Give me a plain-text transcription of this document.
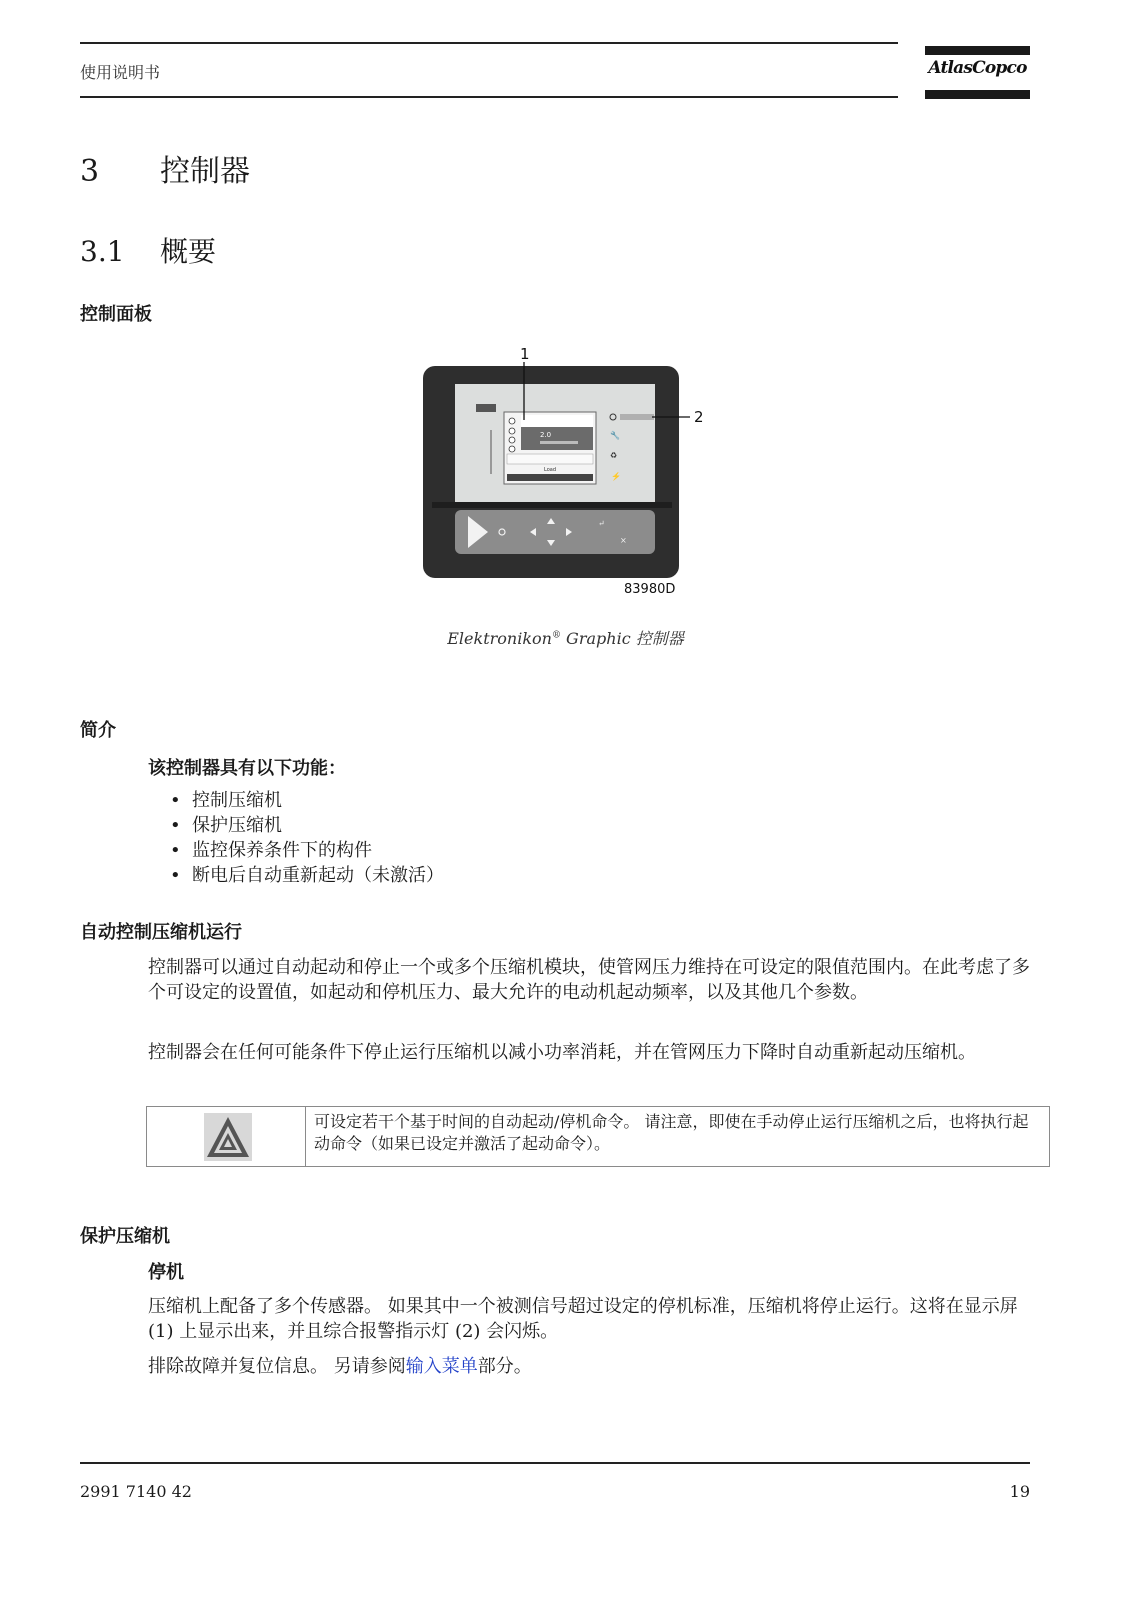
使用说明书	AtlasCopco
3 控制器
3.1 概要
控制面板
2.0
Load
🔧
♻
⚡
↵
×
1
2
83980D
Elektronikon® Graphic 控制器
简介
该控制器具有以下功能：
• 控制压缩机
• 保护压缩机
• 监控保养条件下的构件
• 断电后自动重新起动（未激活）
自动控制压缩机运行
控制器可以通过自动起动和停止一个或多个压缩机模块，使管网压力维持在可设定的限值范围内。在此考虑了多个可设定的设置值，如起动和停机压力、最大允许的电动机起动频率，以及其他几个参数。
控制器会在任何可能条件下停止运行压缩机以减小功率消耗，并在管网压力下降时自动重新起动压缩机。
可设定若干个基于时间的自动起动/停机命令。 请注意，即使在手动停止运行压缩机之后，也将执行起动命令（如果已设定并激活了起动命令）。
保护压缩机
停机
压缩机上配备了多个传感器。 如果其中一个被测信号超过设定的停机标准，压缩机将停止运行。这将在显示屏 (1) 上显示出来，并且综合报警指示灯 (2) 会闪烁。
排除故障并复位信息。 另请参阅输入菜单部分。
2991 7140 42	19
